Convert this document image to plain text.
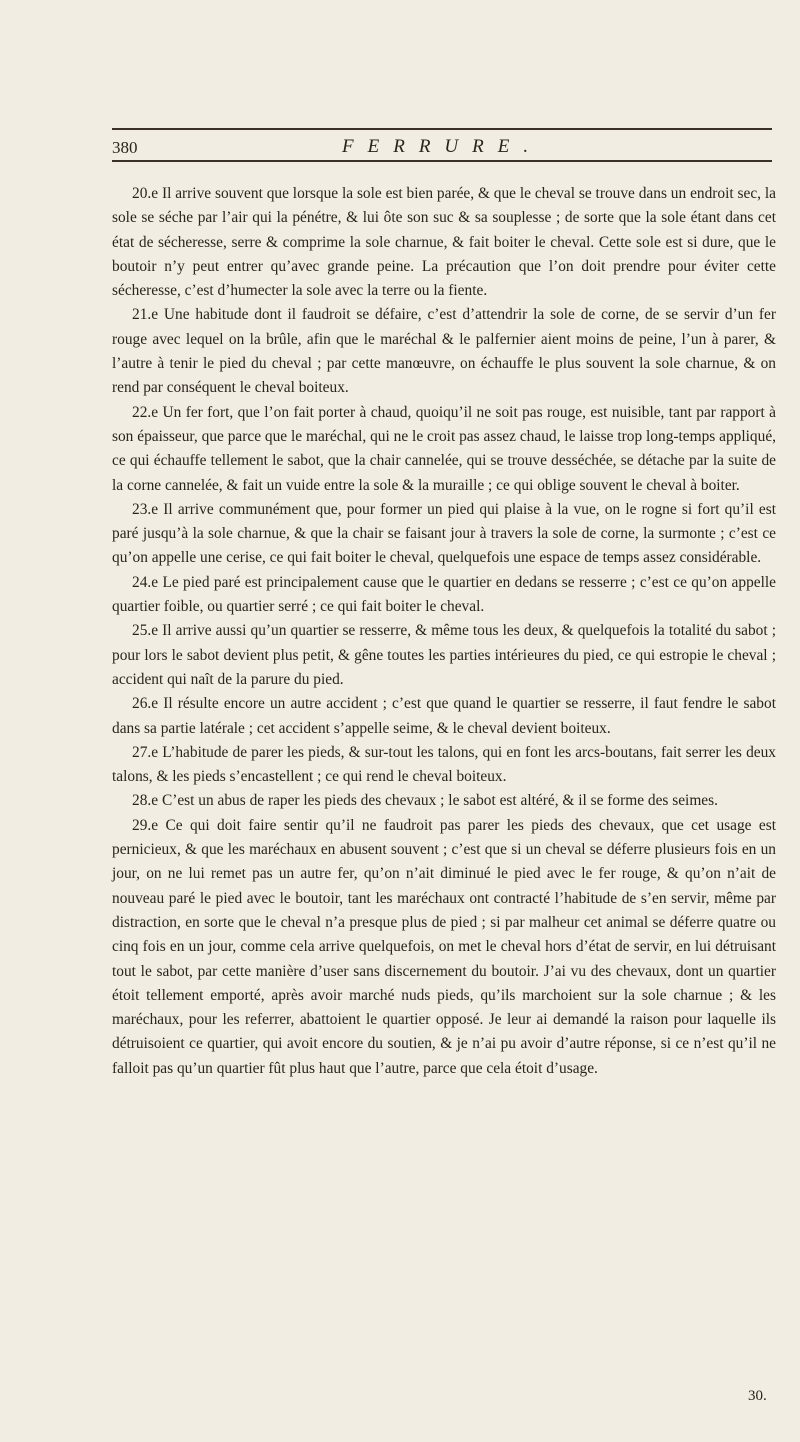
380	FERRURE.

20.e Il arrive souvent que lorsque la sole est bien parée, & que le cheval se trouve dans un endroit sec, la sole se séche par l’air qui la pénétre, & lui ôte son suc & sa souplesse ; de sorte que la sole étant dans cet état de sécheresse, serre & comprime la sole charnue, & fait boiter le cheval. Cette sole est si dure, que le boutoir n’y peut entrer qu’avec grande peine. La précaution que l’on doit prendre pour éviter cette sécheresse, c’est d’humecter la sole avec la terre ou la fiente.

21.e Une habitude dont il faudroit se défaire, c’est d’attendrir la sole de corne, de se servir d’un fer rouge avec lequel on la brûle, afin que le maréchal & le palfernier aient moins de peine, l’un à parer, & l’autre à tenir le pied du cheval ; par cette manœuvre, on échauffe le plus souvent la sole charnue, & on rend par conséquent le cheval boiteux.

22.e Un fer fort, que l’on fait porter à chaud, quoiqu’il ne soit pas rouge, est nuisible, tant par rapport à son épaisseur, que parce que le maréchal, qui ne le croit pas assez chaud, le laisse trop long-temps appliqué, ce qui échauffe tellement le sabot, que la chair cannelée, qui se trouve desséchée, se détache par la suite de la corne cannelée, & fait un vuide entre la sole & la muraille ; ce qui oblige souvent le cheval à boiter.

23.e Il arrive communément que, pour former un pied qui plaise à la vue, on le rogne si fort qu’il est paré jusqu’à la sole charnue, & que la chair se faisant jour à travers la sole de corne, la surmonte ; c’est ce qu’on appelle une cerise, ce qui fait boiter le cheval, quelquefois une espace de temps assez considérable.

24.e Le pied paré est principalement cause que le quartier en dedans se resserre ; c’est ce qu’on appelle quartier foible, ou quartier serré ; ce qui fait boiter le cheval.

25.e Il arrive aussi qu’un quartier se resserre, & même tous les deux, & quelquefois la totalité du sabot ; pour lors le sabot devient plus petit, & gêne toutes les parties intérieures du pied, ce qui estropie le cheval ; accident qui naît de la parure du pied.

26.e Il résulte encore un autre accident ; c’est que quand le quartier se resserre, il faut fendre le sabot dans sa partie latérale ; cet accident s’appelle seime, & le cheval devient boiteux.

27.e L’habitude de parer les pieds, & sur-tout les talons, qui en font les arcs-boutans, fait serrer les deux talons, & les pieds s’encastellent ; ce qui rend le cheval boiteux.

28.e C’est un abus de raper les pieds des chevaux ; le sabot est altéré, & il se forme des seimes.

29.e Ce qui doit faire sentir qu’il ne faudroit pas parer les pieds des chevaux, que cet usage est pernicieux, & que les maréchaux en abusent souvent ; c’est que si un cheval se déferre plusieurs fois en un jour, on ne lui remet pas un autre fer, qu’on n’ait diminué le pied avec le fer rouge, & qu’on n’ait de nouveau paré le pied avec le boutoir, tant les maréchaux ont contracté l’habitude de s’en servir, même par distraction, en sorte que le cheval n’a presque plus de pied ; si par malheur cet animal se déferre quatre ou cinq fois en un jour, comme cela arrive quelquefois, on met le cheval hors d’état de servir, en lui détruisant tout le sabot, par cette manière d’user sans discernement du boutoir. J’ai vu des chevaux, dont un quartier étoit tellement emporté, après avoir marché nuds pieds, qu’ils marchoient sur la sole charnue ; & les maréchaux, pour les referrer, abattoient le quartier opposé. Je leur ai demandé la raison pour laquelle ils détruisoient ce quartier, qui avoit encore du soutien, & je n’ai pu avoir d’autre réponse, si ce n’est qu’il ne falloit pas qu’un quartier fût plus haut que l’autre, parce que cela étoit d’usage.

30.
